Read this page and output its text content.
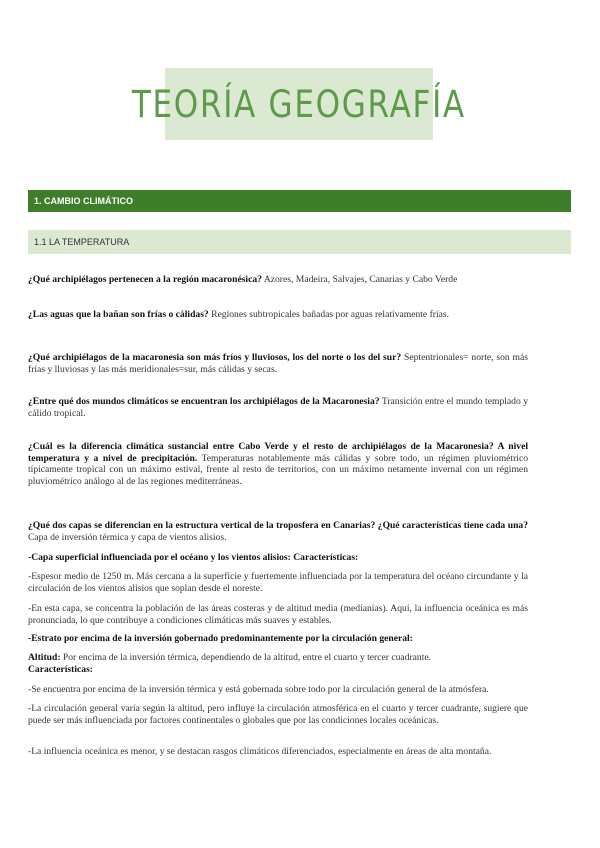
TEORÍA GEOGRAFÍA
1. CAMBIO CLIMÁTICO
1.1 LA TEMPERATURA

¿Qué archipiélagos pertenecen a la región macaronésica? Azores, Madeira, Salvajes, Canarias y Cabo Verde

¿Las aguas que la bañan son frías o cálidas? Regiones subtropicales bañadas por aguas relativamente frías.

¿Qué archipiélagos de la macaronesia son más fríos y lluviosos, los del norte o los del sur? Septentrionales= norte, son más frías y lluviosas y las más meridionales=sur, más cálidas y secas.

¿Entre qué dos mundos climáticos se encuentran los archipiélagos de la Macaronesia? Transición entre el mundo templado y cálido tropical.

¿Cuál es la diferencia climática sustancial entre Cabo Verde y el resto de archipiélagos de la Macaronesia? A nivel temperatura y a nivel de precipitación. Temperaturas notablemente más cálidas y sobre todo, un régimen pluviométrico típicamente tropical con un máximo estival, frente al resto de territorios, con un máximo netamente invernal con un régimen pluviométrico análogo al de las regiones mediterráneas.

¿Qué dos capas se diferencian en la estructura vertical de la troposfera en Canarias? ¿Qué características tiene cada una? Capa de inversión térmica y capa de vientos alisios.

-Capa superficial influenciada por el océano y los vientos alisios: Características:

-Espesor medio de 1250 m. Más cercana a la superficie y fuertemente influenciada por la temperatura del océano circundante y la circulación de los vientos alisios que soplan desde el noreste.

-En esta capa, se concentra la población de las áreas costeras y de altitud media (medianías). Aquí, la influencia oceánica es más pronunciada, lo que contribuye a condiciones climáticas más suaves y estables.

-Estrato por encima de la inversión gobernado predominantemente por la circulación general:

Altitud: Por encima de la inversión térmica, dependiendo de la altitud, entre el cuarto y tercer cuadrante.
Características:

-Se encuentra por encima de la inversión térmica y está gobernada sobre todo por la circulación general de la atmósfera.

-La circulación general varía según la altitud, pero influye la circulación atmosférica en el cuarto y tercer cuadrante, sugiere que puede ser más influenciada por factores continentales o globales que por las condiciones locales oceánicas.

-La influencia oceánica es menor, y se destacan rasgos climáticos diferenciados, especialmente en áreas de alta montaña.
